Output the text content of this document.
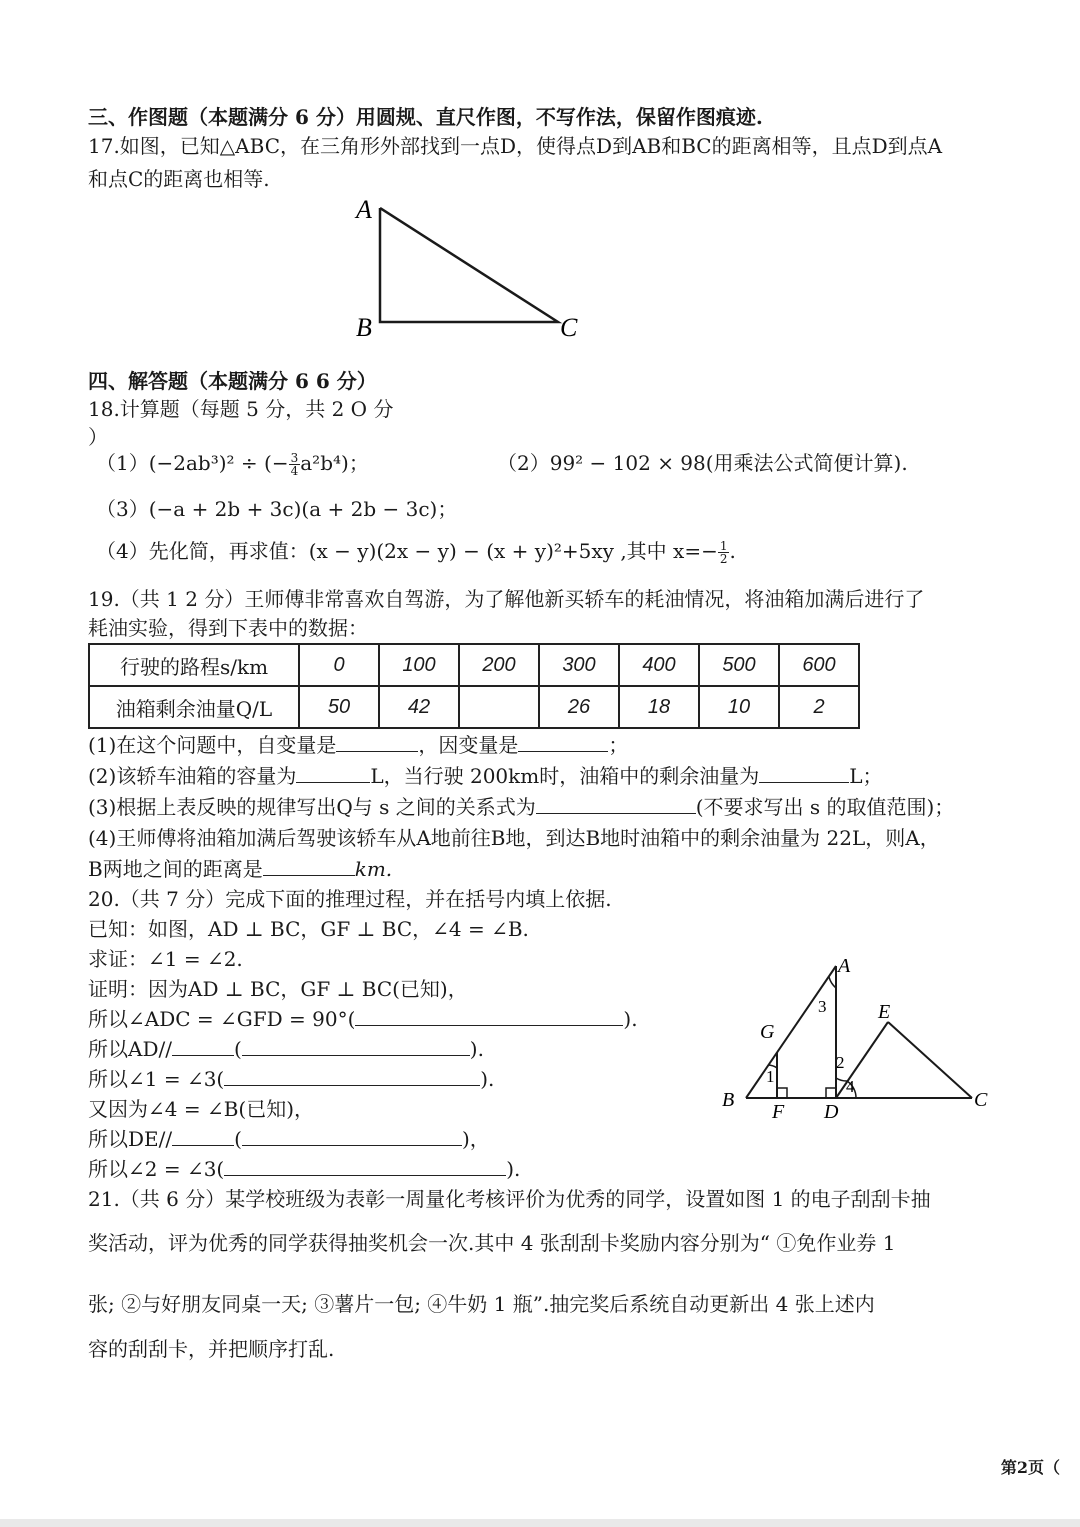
三、作图题（本题满分 6 分）用圆规、直尺作图，不写作法，保留作图痕迹.
17.如图，已知△ABC，在三角形外部找到一点D，使得点D到AB和BC的距离相等，且点D到点A
和点C的距离也相等.
A
B	C
四、解答题（本题满分 6 6 分）
18.计算题（每题 5 分，共 2 O 分
）
（1）(−2ab³)² ÷ (− $\frac{3}{4} a^2b^4$)；	（2）99² − 102 × 98(用乘法公式简便计算).
（3）(−a + 2b + 3c)(a + 2b − 3c)；
（4）先化简，再求值：(x − y)(2x − y) − (x + y)²+5xy ,其中 $x=- \frac{1}{2}$ .
19.（共 1 2 分）王师傅非常喜欢自驾游，为了解他新买轿车的耗油情况，将油箱加满后进行了
耗油实验，得到下表中的数据：
行驶的路程s/km	0	100	200	300	400	500	600
油箱剩余油量Q/L	50	42		26	18	10	2
(1)在这个问题中，自变量是	，因变量是	；
(2)该轿车油箱的容量为	L，当行驶 200km时，油箱中的剩余油量为	L；
(3)根据上表反映的规律写出Q与 s 之间的关系式为	(不要求写出 s 的取值范围)；
(4)王师傅将油箱加满后驾驶该轿车从A地前往B地，到达B地时油箱中的剩余油量为 22L，则A，
B两地之间的距离是	km.
20.（共 7 分）完成下面的推理过程，并在括号内填上依据.
已知：如图，AD ⊥ BC，GF ⊥ BC，∠4 = ∠B.
求证：∠1 = ∠2.
证明：因为AD ⊥ BC，GF ⊥ BC(已知)，
所以∠ADC = ∠GFD = 90°(	).
所以AD//	(	).
所以∠1 = ∠3(	).
又因为∠4 = ∠B(已知)，
所以DE//	(	)，
所以∠2 = ∠3(	).
A
B	C
D
E
F
G
1
2
3
4
21.（共 6 分）某学校班级为表彰一周量化考核评价为优秀的同学，设置如图 1 的电子刮刮卡抽
奖活动，评为优秀的同学获得抽奖机会一次.其中 4 张刮刮卡奖励内容分别为“ ①免作业券 1
张; ②与好朋友同桌一天; ③薯片一包; ④牛奶 1 瓶”.抽完奖后系统自动更新出 4 张上述内
容的刮刮卡，并把顺序打乱.
第2页（
